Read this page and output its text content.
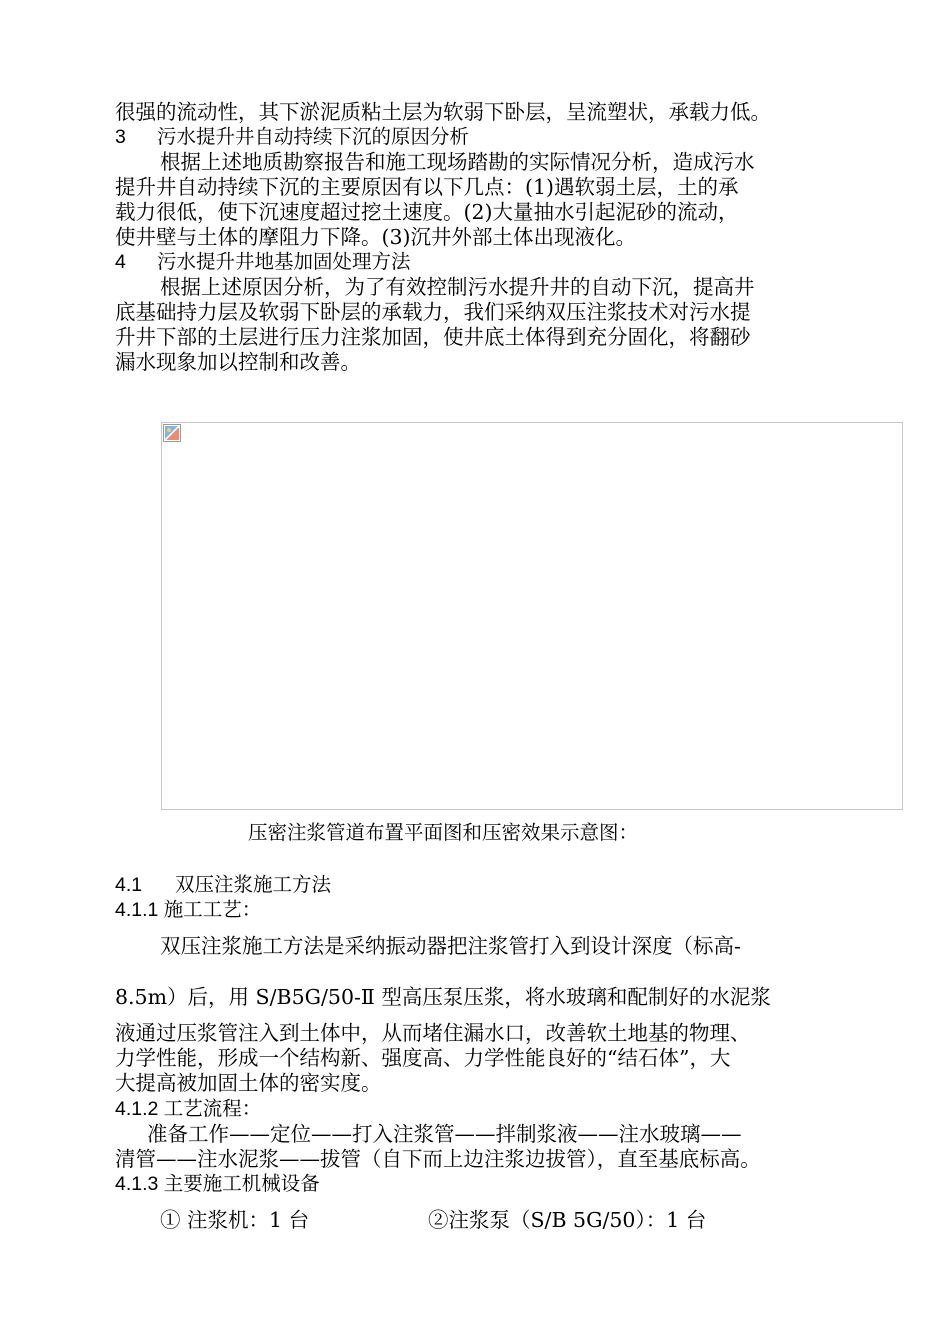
很强的流动性，其下淤泥质粘土层为软弱下卧层，呈流塑状，承载力低。
3 污水提升井自动持续下沉的原因分析
根据上述地质勘察报告和施工现场踏勘的实际情况分析，造成污水
提升井自动持续下沉的主要原因有以下几点：(1)遇软弱土层，土的承
载力很低，使下沉速度超过挖土速度。(2)大量抽水引起泥砂的流动，
使井壁与土体的摩阻力下降。(3)沉井外部土体出现液化。
4 污水提升井地基加固处理方法
根据上述原因分析，为了有效控制污水提升井的自动下沉，提高井
底基础持力层及软弱下卧层的承载力，我们采纳双压注浆技术对污水提
升井下部的土层进行压力注浆加固，使井底土体得到充分固化，将翻砂
漏水现象加以控制和改善。
压密注浆管道布置平面图和压密效果示意图：
4.1 双压注浆施工方法
4.1.1 施工工艺：
双压注浆施工方法是采纳振动器把注浆管打入到设计深度（标高-
8.5m）后，用 S/B5G/50-Ⅱ 型高压泵压浆，将水玻璃和配制好的水泥浆
液通过压浆管注入到土体中，从而堵住漏水口，改善软土地基的物理、
力学性能，形成一个结构新、强度高、力学性能良好的“结石体”，大
大提高被加固土体的密实度。
4.1.2 工艺流程：
准备工作——定位——打入注浆管——拌制浆液——注水玻璃——
清管——注水泥浆——拔管（自下而上边注浆边拔管），直至基底标高。
4.1.3 主要施工机械设备
① 注浆机：1 台	②注浆泵（S/B 5G/50）：1 台
